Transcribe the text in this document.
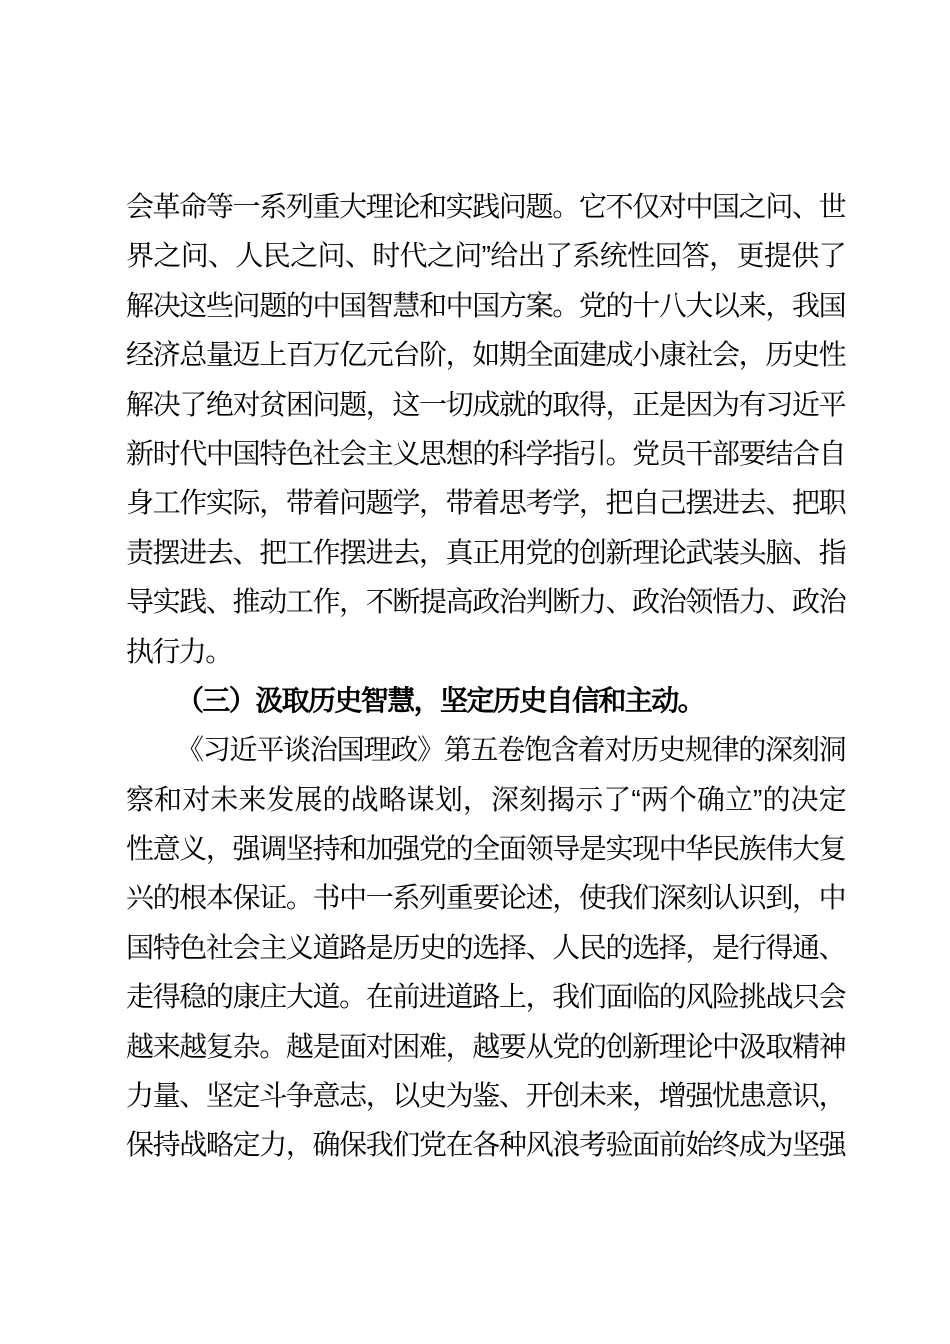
会革命等一系列重大理论和实践问题。它不仅对中国之问、世
界之问、人民之问、时代之问”给出了系统性回答，更提供了
解决这些问题的中国智慧和中国方案。党的十八大以来，我国
经济总量迈上百万亿元台阶，如期全面建成小康社会，历史性
解决了绝对贫困问题，这一切成就的取得，正是因为有习近平
新时代中国特色社会主义思想的科学指引。党员干部要结合自
身工作实际，带着问题学，带着思考学，把自己摆进去、把职
责摆进去、把工作摆进去，真正用党的创新理论武装头脑、指
导实践、推动工作，不断提高政治判断力、政治领悟力、政治
执行力。
（三）汲取历史智慧，坚定历史自信和主动。
《习近平谈治国理政》第五卷饱含着对历史规律的深刻洞
察和对未来发展的战略谋划，深刻揭示了“两个确立”的决定
性意义，强调坚持和加强党的全面领导是实现中华民族伟大复
兴的根本保证。书中一系列重要论述，使我们深刻认识到，中
国特色社会主义道路是历史的选择、人民的选择，是行得通、
走得稳的康庄大道。在前进道路上，我们面临的风险挑战只会
越来越复杂。越是面对困难，越要从党的创新理论中汲取精神
力量、坚定斗争意志，以史为鉴、开创未来，增强忧患意识，
保持战略定力，确保我们党在各种风浪考验面前始终成为坚强
